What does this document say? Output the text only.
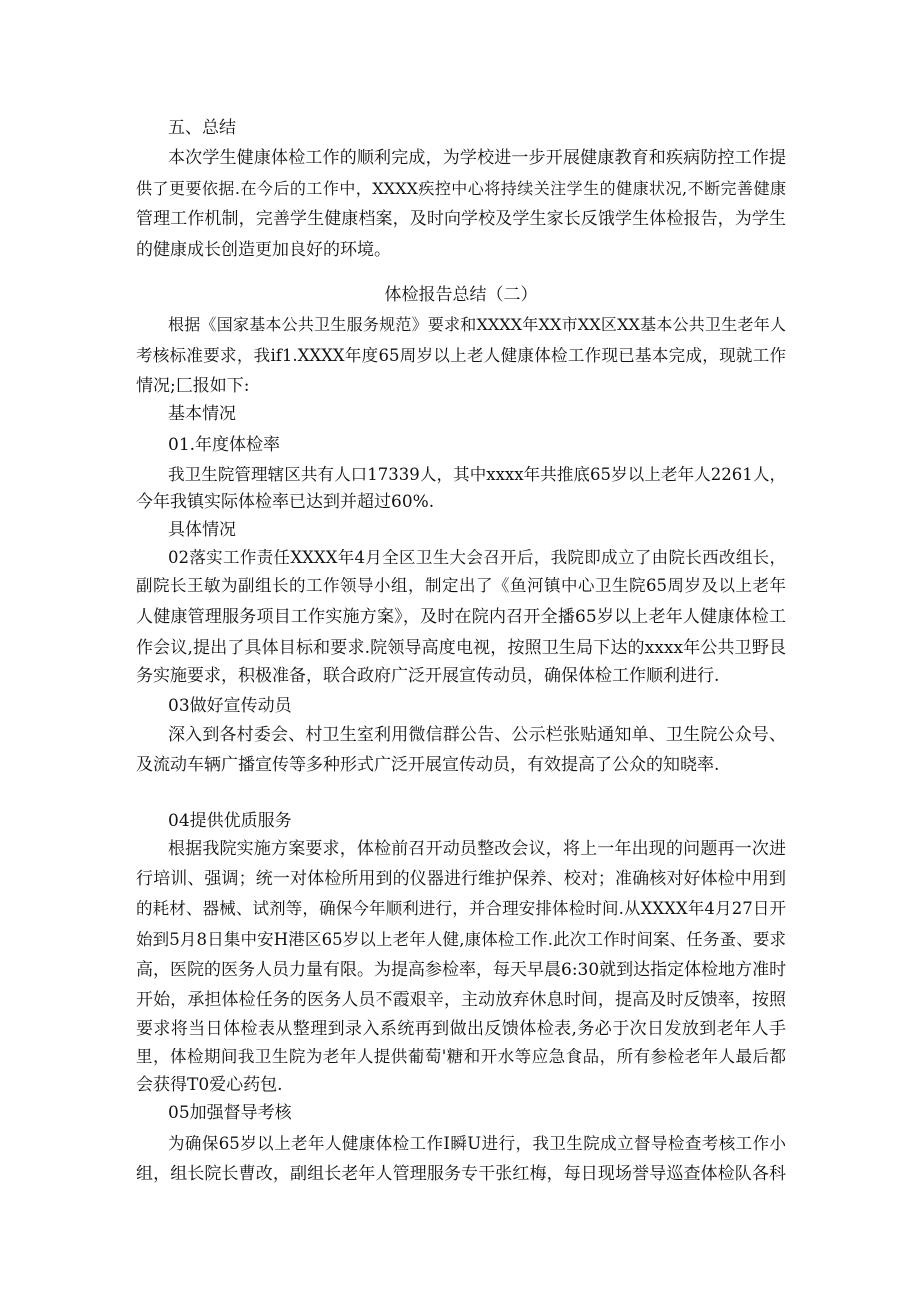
五、总结
本次学生健康体检工作的顺利完成，为学校进一步开展健康教育和疾病防控工作提
供了更要依据.在今后的工作中，XXXX疾控中心将持续关注学生的健康状况,不断完善健康
管理工作机制，完善学生健康档案，及时向学校及学生家长反饿学生体检报告，为学生
的健康成长创造更加良好的环境。
体检报告总结（二）
根据《国家基本公共卫生服务规范》要求和XXXX年XX市XX区XX基本公共卫生老年人
考核标准要求，我if1.XXXX年度65周岁以上老人健康体检工作现已基本完成，现就工作
情况;匚报如下:
基本情况
01.年度体检率
我卫生院管理辖区共有人口17339人，其中xxxx年共推底65岁以上老年人2261人，
今年我镇实际体检率已达到并超过60%.
具体情况
02落实工作责任XXXX年4月全区卫生大会召开后，我院即成立了由院长西改组长，
副院长王敏为副组长的工作领导小组，制定出了《鱼河镇中心卫生院65周岁及以上老年
人健康管理服务项目工作实施方案》，及时在院内召开全播65岁以上老年人健康体检工
作会议,提出了具体目标和要求.院领导高度电视，按照卫生局下达的xxxx年公共卫野艮
务实施要求，积极准备，联合政府广泛开展宣传动员，确保体检工作顺利进行.
03做好宣传动员
深入到各村委会、村卫生室利用微信群公告、公示栏张贴通知单、卫生院公众号、
及流动车辆广播宣传等多种形式广泛开展宣传动员，有效提高了公众的知晓率.
04提供优质服务
根据我院实施方案要求，体检前召开动员整改会议，将上一年出现的问题再一次进
行培训、强调；统一对体检所用到的仪器进行维护保养、校对；准确核对好体检中用到
的耗材、器械、试剂等，确保今年顺利进行，并合理安排体检时间.从XXXX年4月27日开
始到5月8日集中安H港区65岁以上老年人健,康体检工作.此次工作时间案、任务蚤、要求
高，医院的医务人员力量有限。为提高参检率，每天早晨6:30就到达指定体检地方准时
开始，承担体检任务的医务人员不霞艰辛，主动放弃休息时间，提高及时反馈率，按照
要求将当日体检表从整理到录入系统再到做出反馈体检表,务必于次日发放到老年人手
里，体检期间我卫生院为老年人提供葡萄'糖和开水等应急食品，所有参检老年人最后都
会获得T0爱心药包.
05加强督导考核
为确保65岁以上老年人健康体检工作I瞬U进行，我卫生院成立督导检查考核工作小
组，组长院长曹改，副组长老年人管理服务专干张红梅，每日现场誉导巡查体检队各科
